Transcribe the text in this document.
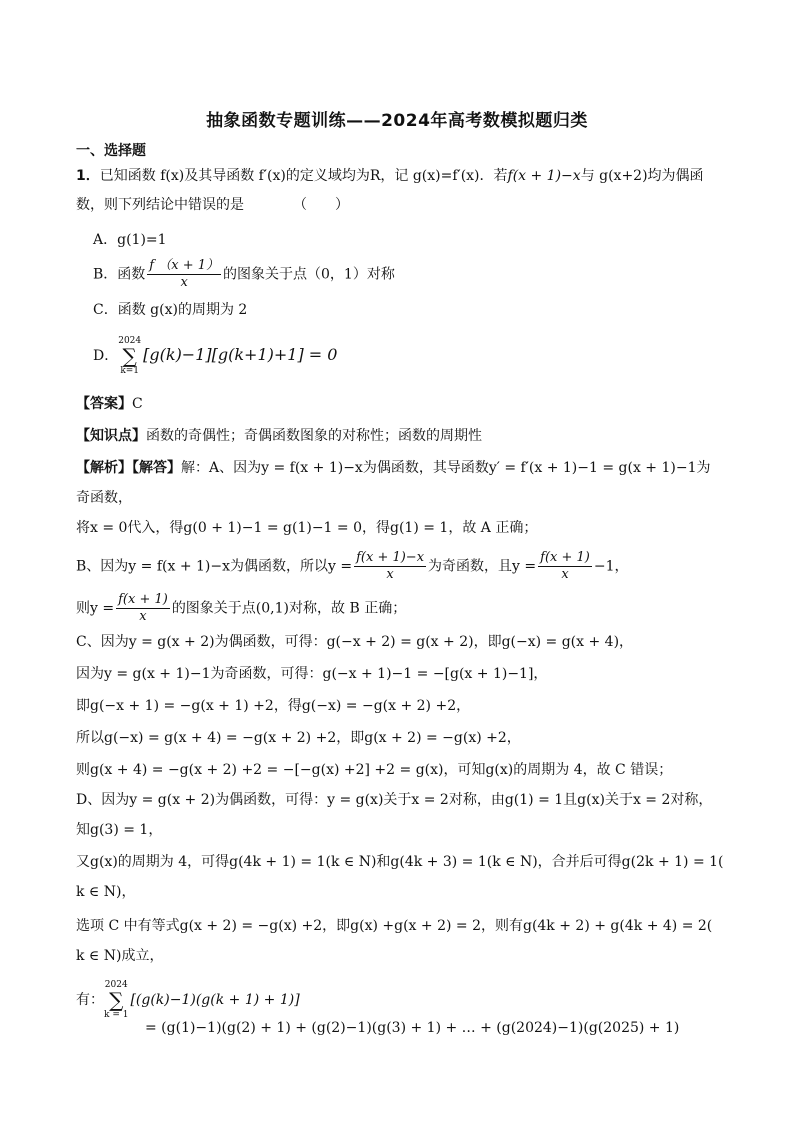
抽象函数专题训练——2024年高考数模拟题归类
一、选择题
1．已知函数 f(x)及其导函数 f′(x)的定义域均为R，记 g(x)=f′(x)．若f(x + 1)−x与 g(x+2)均为偶函
数，则下列结论中错误的是　　　　（　　）
A．g(1)=1
B．函数 $\frac{f (x + 1)}{x}$ 的图象关于点（0，1）对称
C．函数 g(x)的周期为 2
D．2024
∑
k=1[g(k)−1][g(k+1)+1] = 0
【答案】C
【知识点】函数的奇偶性；奇偶函数图象的对称性；函数的周期性
【解析】【解答】解：A、因为y = f(x + 1)−x为偶函数，其导函数y′ = f′(x + 1)−1 = g(x + 1)−1为
奇函数，
将x = 0代入，得g(0 + 1)−1 = g(1)−1 = 0，得g(1) = 1，故 A 正确；
B、因为y = f(x + 1)−x为偶函数，所以$y = \frac{f(x + 1)-x}{x}$ 为奇函数，且$y = \frac{f(x + 1)}{x} -1$，
则$y = \frac{f(x + 1)}{x}$ 的图象关于点(0,1)对称，故 B 正确；
C、因为y = g(x + 2)为偶函数，可得：g(−x + 2) = g(x + 2)，即g(−x) = g(x + 4)，
因为y = g(x + 1)−1为奇函数，可得：g(−x + 1)−1 = −[g(x + 1)−1]，
即g(−x + 1) = −g(x + 1) +2，得g(−x) = −g(x + 2) +2，
所以g(−x) = g(x + 4) = −g(x + 2) +2，即g(x + 2) = −g(x) +2，
则g(x + 4) = −g(x + 2) +2 = −[−g(x) +2] +2 = g(x)，可知g(x)的周期为 4，故 C 错误；
D、因为y = g(x + 2)为偶函数，可得：y = g(x)关于x = 2对称，由g(1) = 1且g(x)关于x = 2对称，
知g(3) = 1，
又g(x)的周期为 4，可得g(4k + 1) = 1(k ∈ N)和g(4k + 3) = 1(k ∈ N)，合并后可得g(2k + 1) = 1(
k ∈ N)，
选项 C 中有等式g(x + 2) = −g(x) +2，即g(x) +g(x + 2) = 2，则有g(4k + 2) + g(4k + 4) = 2(
k ∈ N)成立，
有：2024
∑
k = 1[(g(k)−1)(g(k + 1) + 1)]
= (g(1)−1)(g(2) + 1) + (g(2)−1)(g(3) + 1) + … + (g(2024)−1)(g(2025) + 1)
